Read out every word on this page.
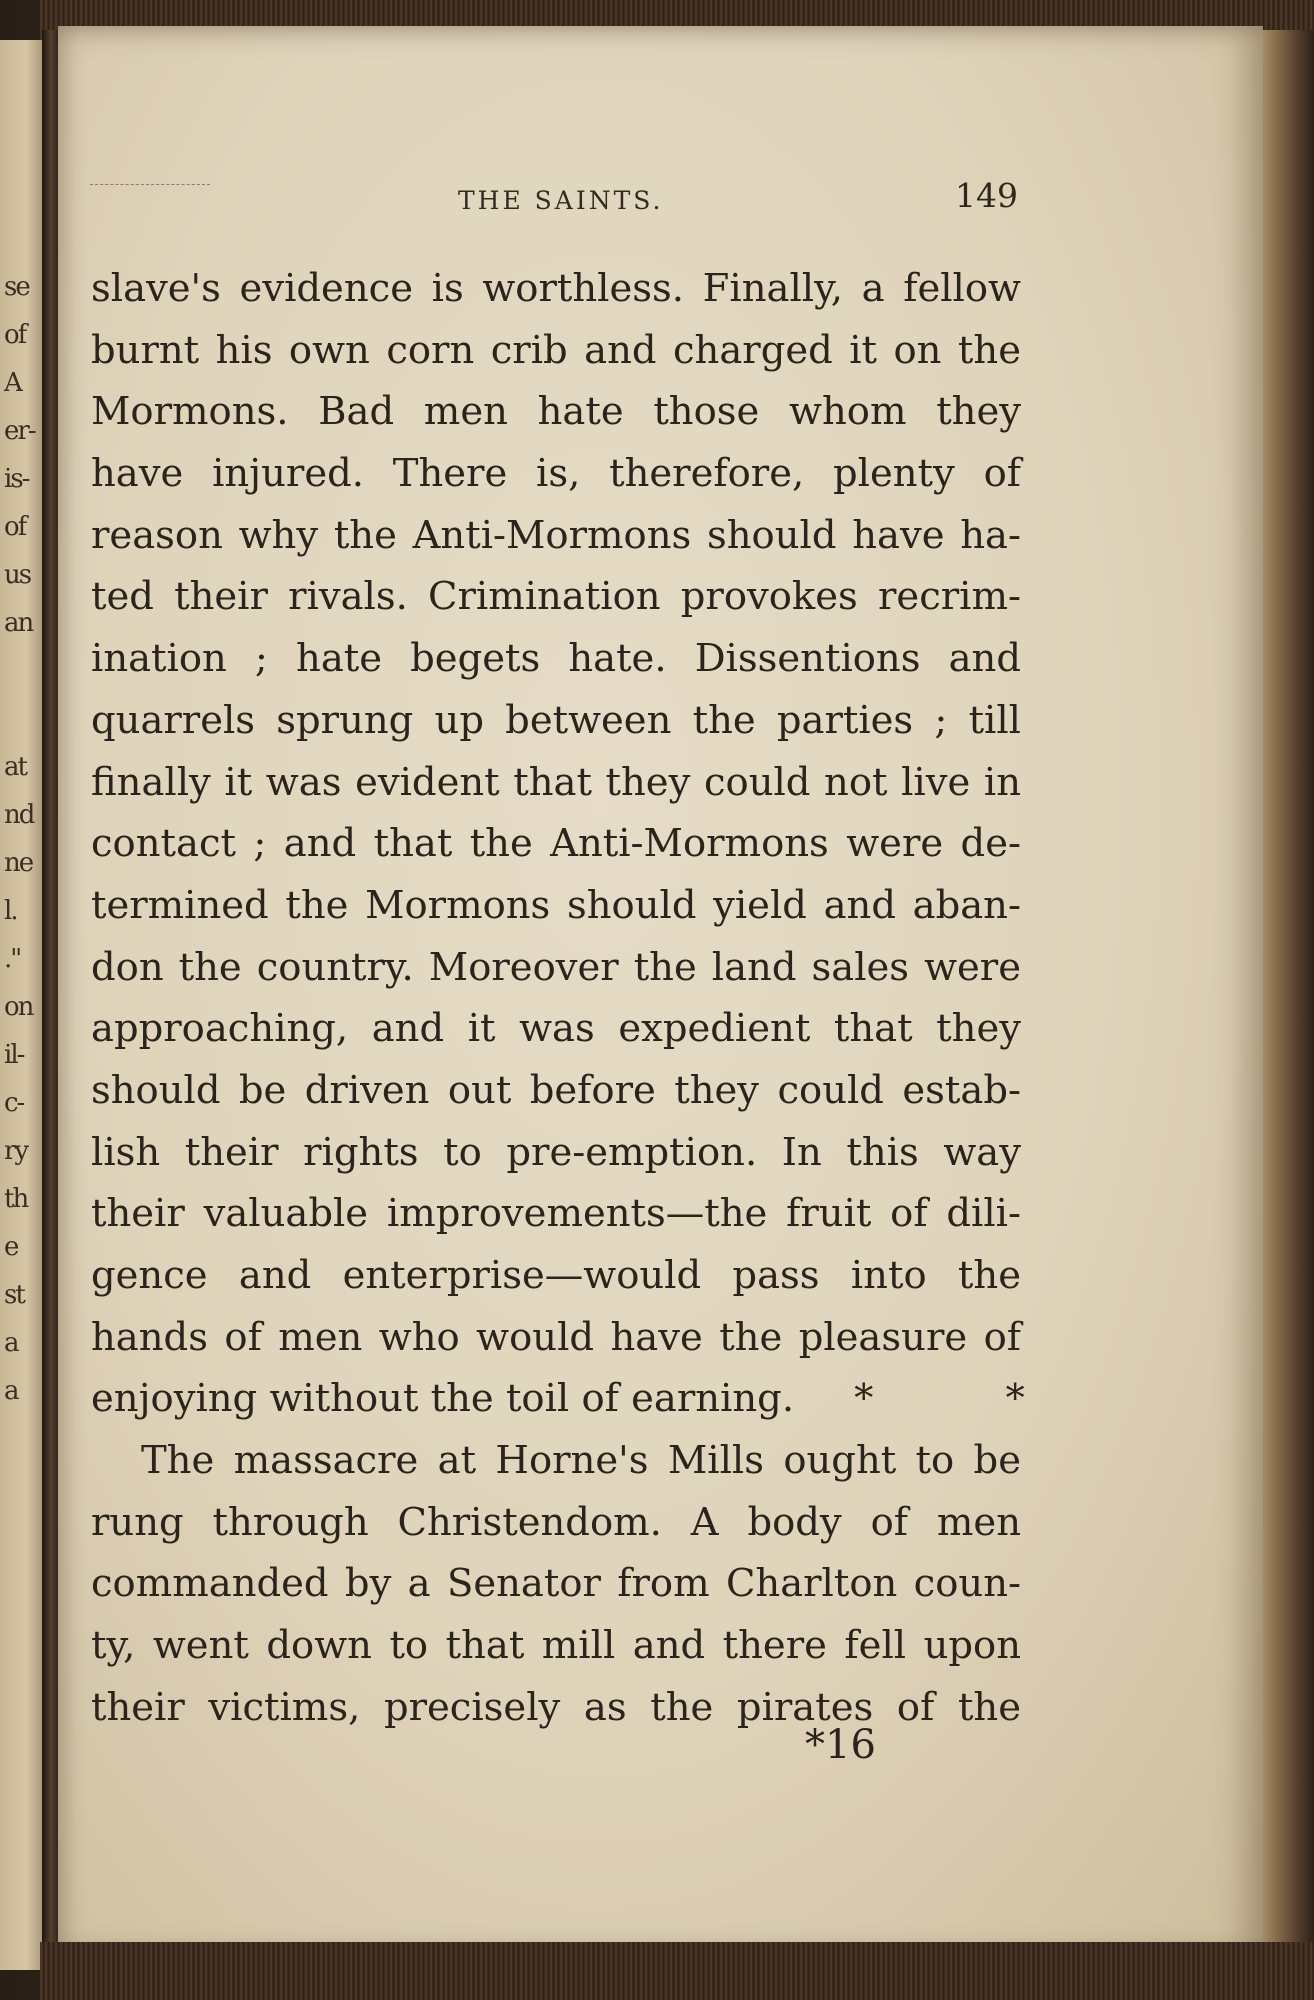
se
of
A
er-
is-
of
us
an
at
nd
ne
l.
."
on
il-
c-
ry
th
e
st
a
a
THE SAINTS.	149
slave's evidence is worthless. Finally, a fellow
burnt his own corn crib and charged it on the
Mormons. Bad men hate those whom they
have injured. There is, therefore, plenty of
reason why the Anti-Mormons should have ha-
ted their rivals. Crimination provokes recrim-
ination ; hate begets hate. Dissentions and
quarrels sprung up between the parties ; till
finally it was evident that they could not live in
contact ; and that the Anti-Mormons were de-
termined the Mormons should yield and aban-
don the country. Moreover the land sales were
approaching, and it was expedient that they
should be driven out before they could estab-
lish their rights to pre-emption. In this way
their valuable improvements—the fruit of dili-
gence and enterprise—would pass into the
hands of men who would have the pleasure of
enjoying without the toil of earning. * *
The massacre at Horne's Mills ought to be
rung through Christendom. A body of men
commanded by a Senator from Charlton coun-
ty, went down to that mill and there fell upon
their victims, precisely as the pirates of the
*16
